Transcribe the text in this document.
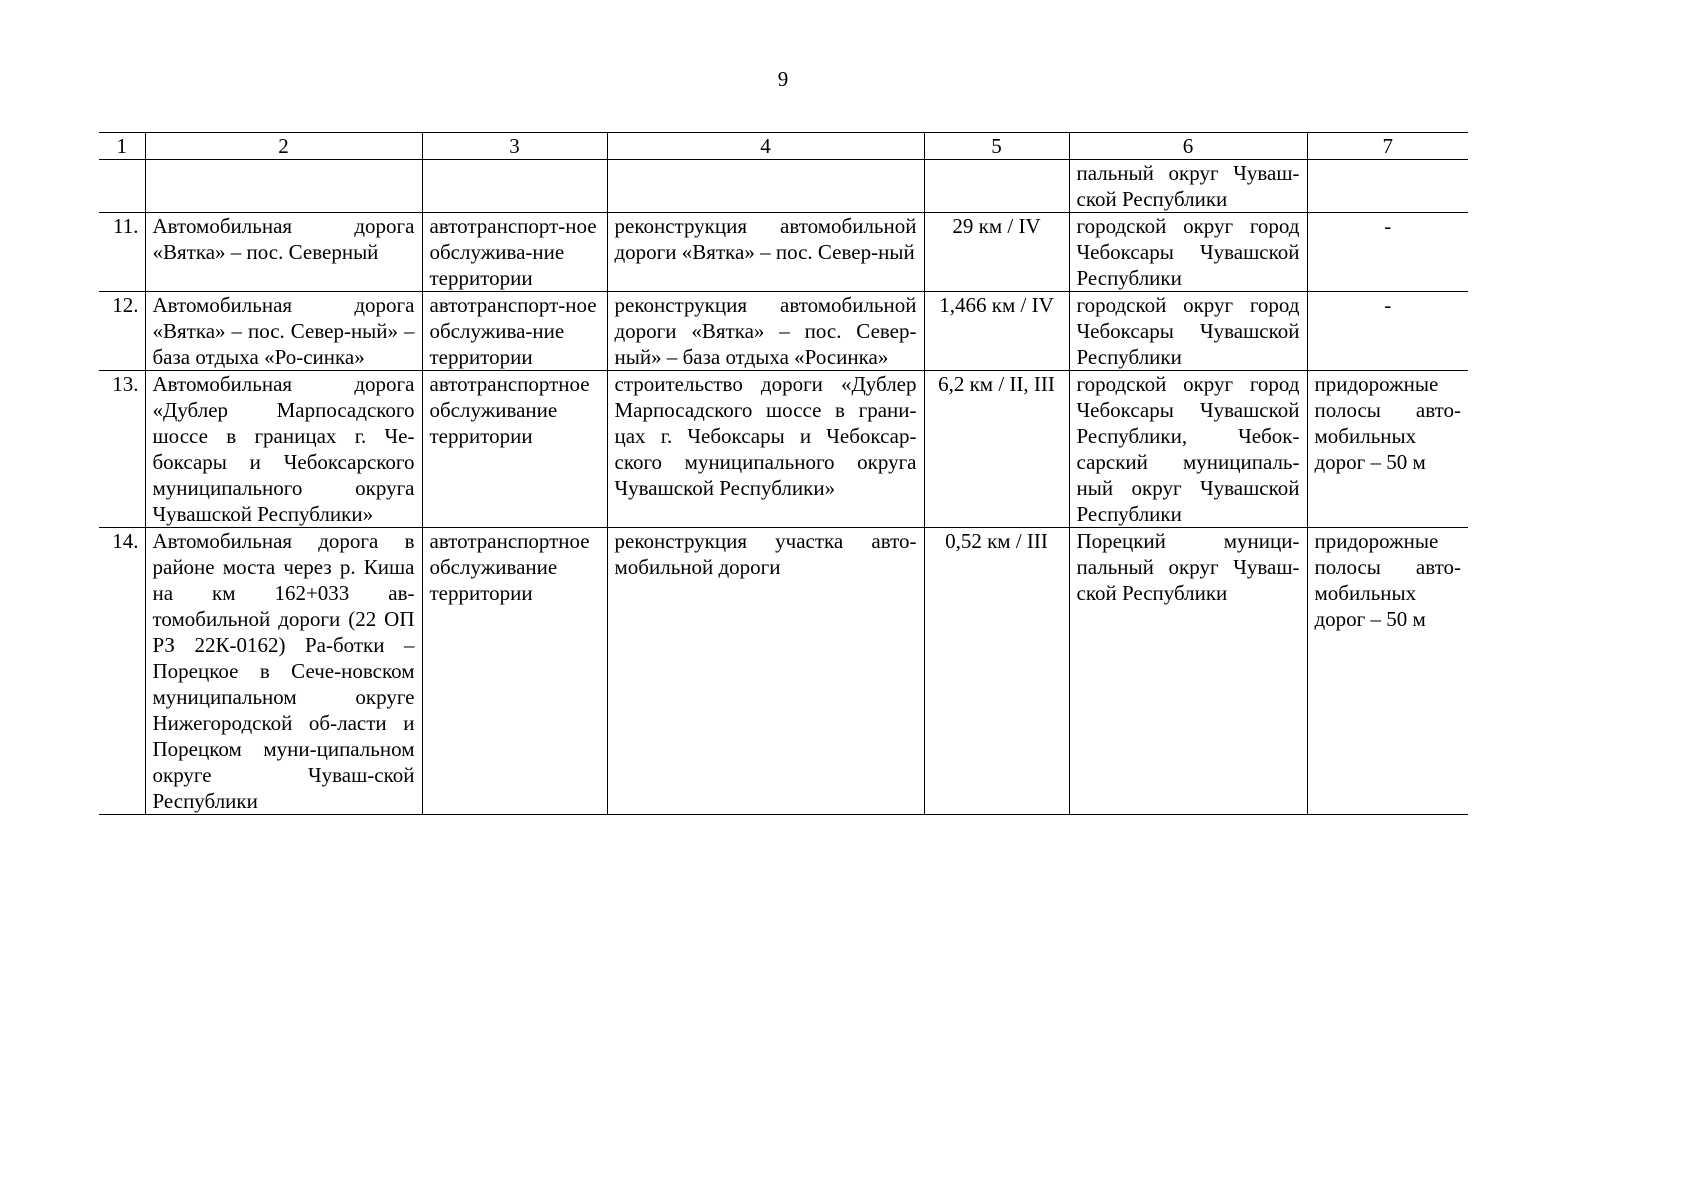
9
1	2	3	4	5	6	7
					пальный округ Чуваш-ской Республики	
11.	Автомобильная дорога «Вятка» – пос. Северный	автотранспорт-ное обслужива-ние территории	реконструкция автомобильной дороги «Вятка» – пос. Север-ный	29 км / IV	городской округ город Чебоксары Чувашской Республики	-
12.	Автомобильная дорога «Вятка» – пос. Север-ный» – база отдыха «Ро-синка»	автотранспорт-ное обслужива-ние территории	реконструкция автомобильной дороги «Вятка» – пос. Север-ный» – база отдыха «Росинка»	1,466 км / IV	городской округ город Чебоксары Чувашской Республики	-
13.	Автомобильная дорога «Дублер Марпосадского шоссе в границах г. Че-боксары и Чебоксарского муниципального округа Чувашской Республики»	автотранспортное обслуживание территории	строительство дороги «Дублер Марпосадского шоссе в грани-цах г. Чебоксары и Чебоксар-ского муниципального округа Чувашской Республики»	6,2 км / II, III	городской округ город Чебоксары Чувашской Республики, Чебок-сарский муниципаль-ный округ Чувашской Республики	придорожные полосы авто-мобильных дорог – 50 м
14.	Автомобильная дорога в районе моста через р. Киша на км 162+033 ав-томобильной дороги (22 ОП РЗ 22К-0162) Ра-ботки – Порецкое в Сече-новском муниципальном округе Нижегородской об-ласти и Порецком муни-ципальном округе Чуваш-ской Республики	автотранспортное обслуживание территории	реконструкция участка авто-мобильной дороги	0,52 км / III	Порецкий муници-пальный округ Чуваш-ской Республики	придорожные полосы авто-мобильных дорог – 50 м
